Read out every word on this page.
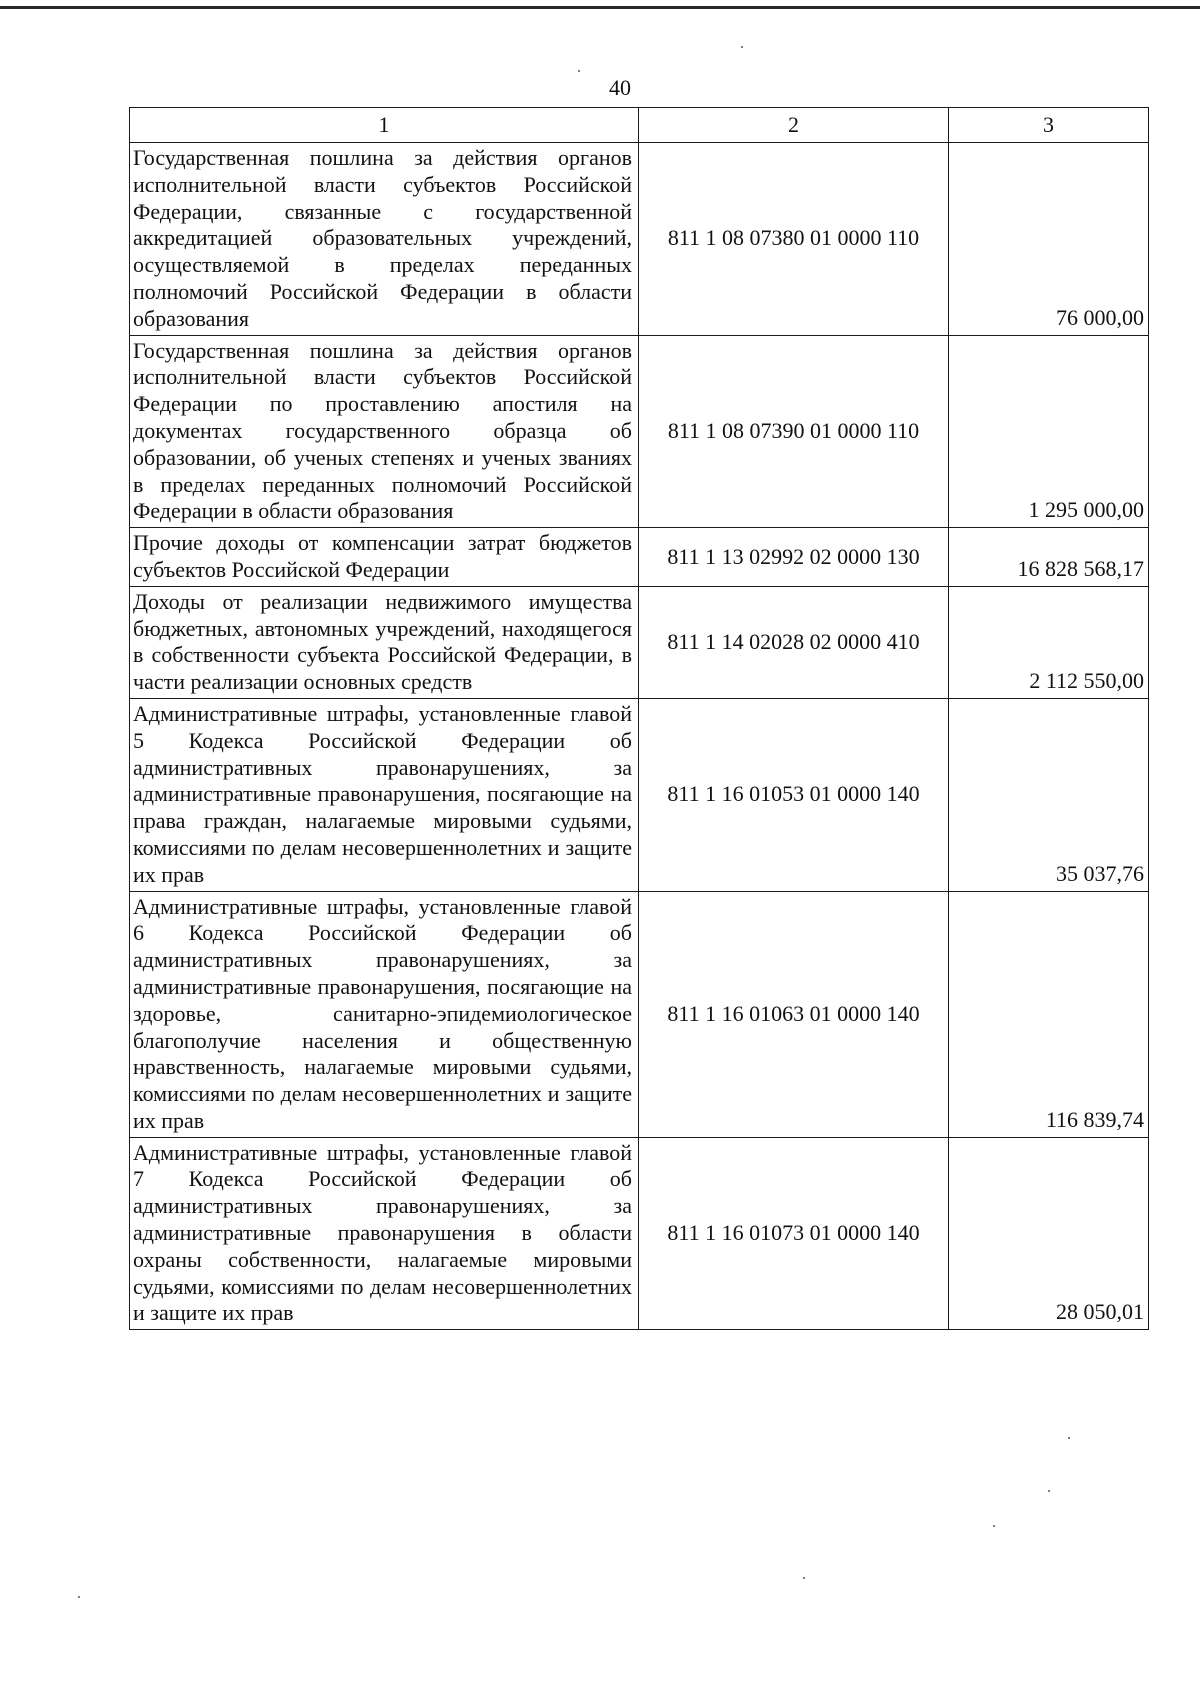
40
1	2	3
Государственная пошлина за действия органов исполнительной власти субъектов Российской Федерации, связанные с государственной аккредитацией образовательных учреждений, осуществляемой в пределах переданных полномочий Российской Федерации в области образования	811 1 08 07380 01 0000 110	76 000,00
Государственная пошлина за действия органов исполнительной власти субъектов Российской Федерации по проставлению апостиля на документах государственного образца об образовании, об ученых степенях и ученых званиях в пределах переданных полномочий Российской Федерации в области образования	811 1 08 07390 01 0000 110	1 295 000,00
Прочие доходы от компенсации затрат бюджетов субъектов Российской Федерации	811 1 13 02992 02 0000 130	16 828 568,17
Доходы от реализации недвижимого имущества бюджетных, автономных учреждений, находящегося в собственности субъекта Российской Федерации, в части реализации основных средств	811 1 14 02028 02 0000 410	2 112 550,00
Административные штрафы, установленные главой 5 Кодекса Российской Федерации об административных правонарушениях, за административные правонарушения, посягающие на права граждан, налагаемые мировыми судьями, комиссиями по делам несовершеннолетних и защите их прав	811 1 16 01053 01 0000 140	35 037,76
Административные штрафы, установленные главой 6 Кодекса Российской Федерации об административных правонарушениях, за административные правонарушения, посягающие на здоровье, санитарно-эпидемиологическое благополучие населения и общественную нравственность, налагаемые мировыми судьями, комиссиями по делам несовершеннолетних и защите их прав	811 1 16 01063 01 0000 140	116 839,74
Административные штрафы, установленные главой 7 Кодекса Российской Федерации об административных правонарушениях, за административные правонарушения в области охраны собственности, налагаемые мировыми судьями, комиссиями по делам несовершеннолетних и защите их прав	811 1 16 01073 01 0000 140	28 050,01
